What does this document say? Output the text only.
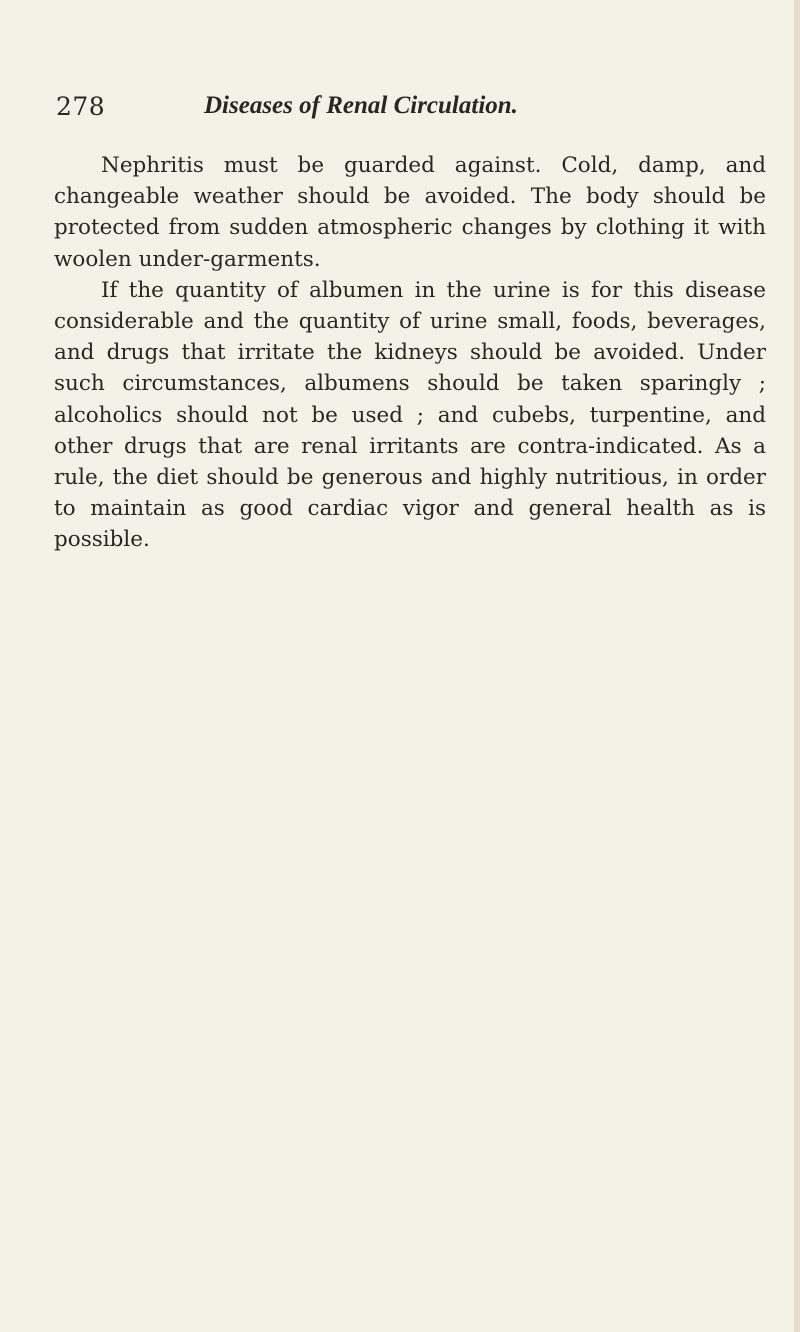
278	Diseases of Renal Circulation.

Nephritis must be guarded against. Cold, damp, and changeable weather should be avoided. The body should be protected from sudden atmospheric changes by clothing it with woolen under-garments.

If the quantity of albumen in the urine is for this disease considerable and the quantity of urine small, foods, beverages, and drugs that irritate the kidneys should be avoided. Under such circumstances, albumens should be taken sparingly ; alcoholics should not be used ; and cubebs, turpentine, and other drugs that are renal irritants are contra-indicated. As a rule, the diet should be generous and highly nutritious, in order to maintain as good cardiac vigor and general health as is possible.
